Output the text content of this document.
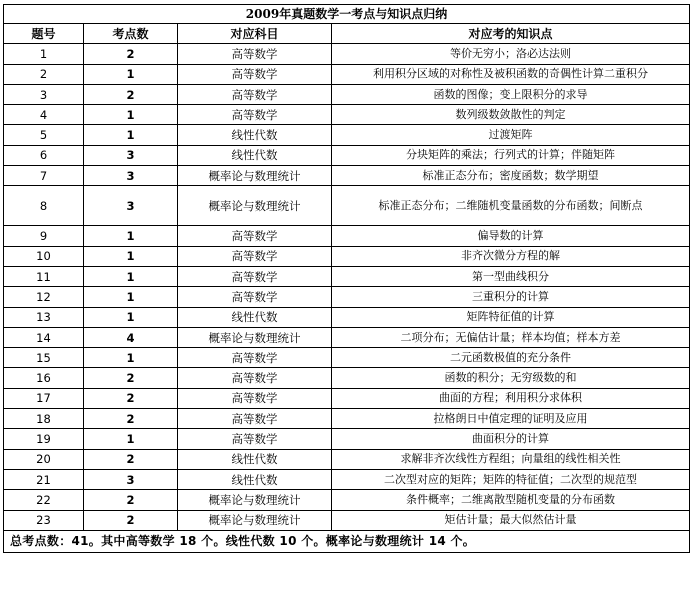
2009年真题数学一考点与知识点归纳			
题号	考点数	对应科目	对应考的知识点
1	2	高等数学	等价无穷小；洛必达法则
2	1	高等数学	利用积分区域的对称性及被积函数的奇偶性计算二重积分
3	2	高等数学	函数的图像；变上限积分的求导
4	1	高等数学	数列级数敛散性的判定
5	1	线性代数	过渡矩阵
6	3	线性代数	分块矩阵的乘法；行列式的计算；伴随矩阵
7	3	概率论与数理统计	标准正态分布；密度函数；数学期望
8	3	概率论与数理统计	标准正态分布；二维随机变量函数的分布函数；间断点
9	1	高等数学	偏导数的计算
10	1	高等数学	非齐次微分方程的解
11	1	高等数学	第一型曲线积分
12	1	高等数学	三重积分的计算
13	1	线性代数	矩阵特征值的计算
14	4	概率论与数理统计	二项分布；无偏估计量；样本均值；样本方差
15	1	高等数学	二元函数极值的充分条件
16	2	高等数学	函数的积分；无穷级数的和
17	2	高等数学	曲面的方程；利用积分求体积
18	2	高等数学	拉格朗日中值定理的证明及应用
19	1	高等数学	曲面积分的计算
20	2	线性代数	求解非齐次线性方程组；向量组的线性相关性
21	3	线性代数	二次型对应的矩阵；矩阵的特征值；二次型的规范型
22	2	概率论与数理统计	条件概率；二维离散型随机变量的分布函数
23	2	概率论与数理统计	矩估计量；最大似然估计量
总考点数：41。其中高等数学 18 个。线性代数 10 个。概率论与数理统计 14 个。			
